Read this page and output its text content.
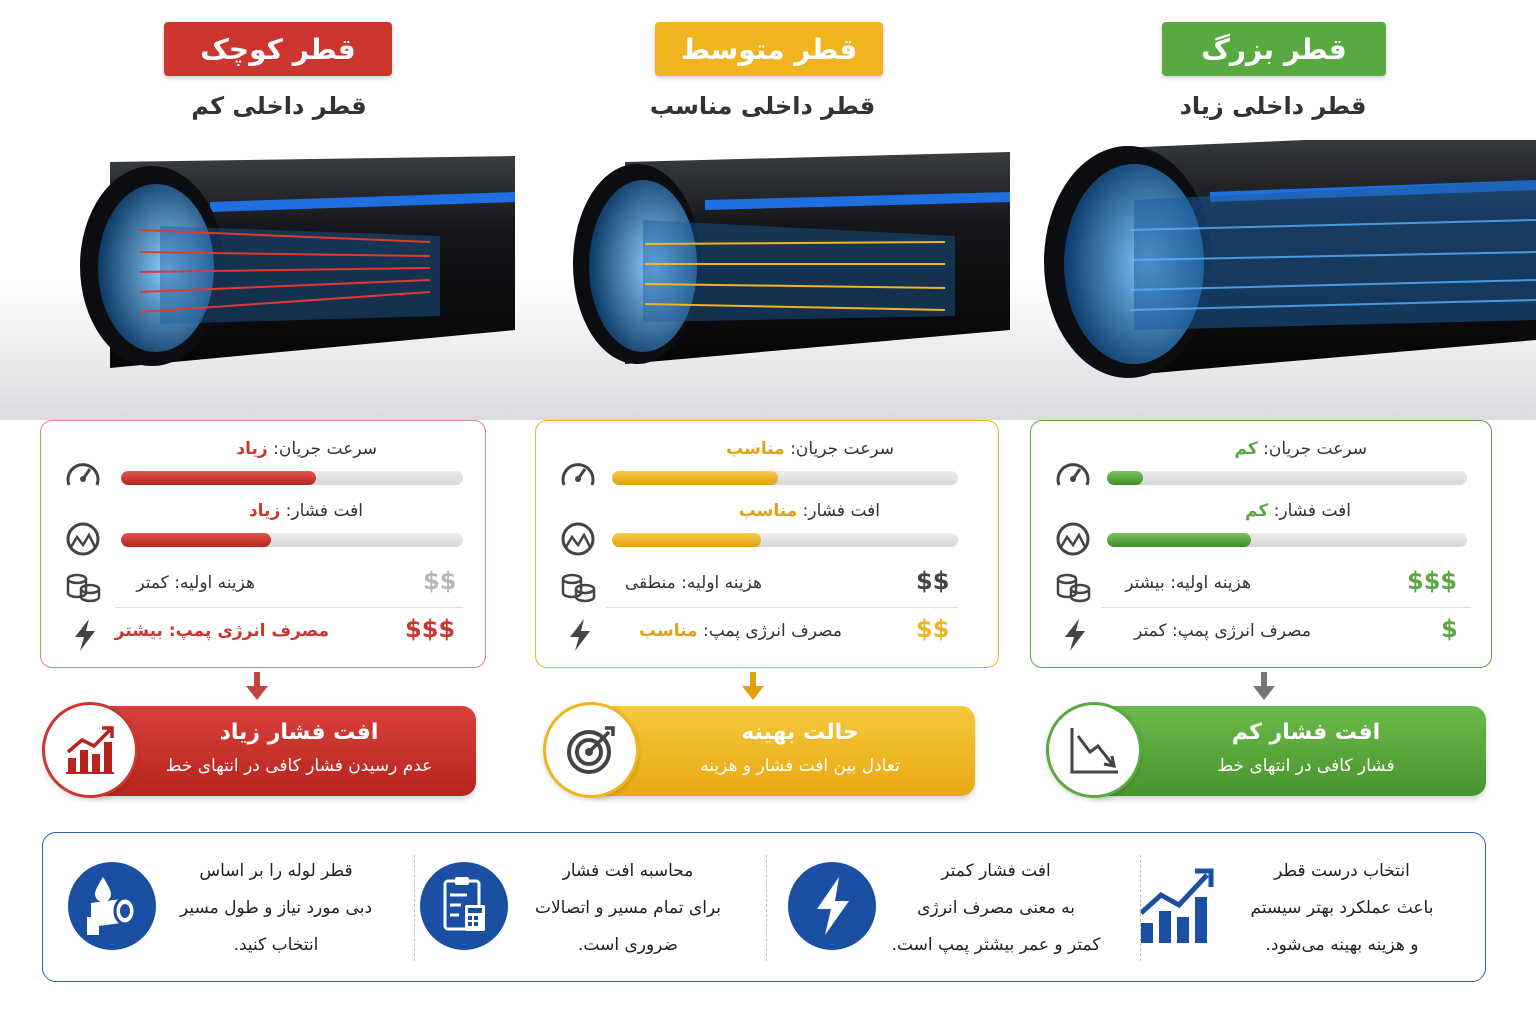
قطر بزرگ
قطر داخلی زیاد
سرعت جریان: کم
افت فشار: کم
هزینه اولیه: بیشتر	$$$
مصرف انرژی پمپ: کمتر	$
افت فشار کم
فشار کافی در انتهای خط
قطر متوسط
قطر داخلی مناسب
سرعت جریان: مناسب
افت فشار: مناسب
هزینه اولیه: منطقی	$$
مصرف انرژی پمپ: مناسب	$$
حالت بهینه
تعادل بین افت فشار و هزینه
قطر کوچک
قطر داخلی کم
سرعت جریان: زیاد
افت فشار: زیاد
هزینه اولیه: کمتر	$$
مصرف انرژی پمپ: بیشتر	$$$
افت فشار زیاد
عدم رسیدن فشار کافی در انتهای خط
انتخاب درست قطر
باعث عملکرد بهتر سیستم
و هزینه بهینه می‌شود.
افت فشار کمتر
به معنی مصرف انرژی
کمتر و عمر بیشتر پمپ است.
محاسبه افت فشار
برای تمام مسیر و اتصالات
ضروری است.
قطر لوله را بر اساس
دبی مورد نیاز و طول مسیر
انتخاب کنید.
